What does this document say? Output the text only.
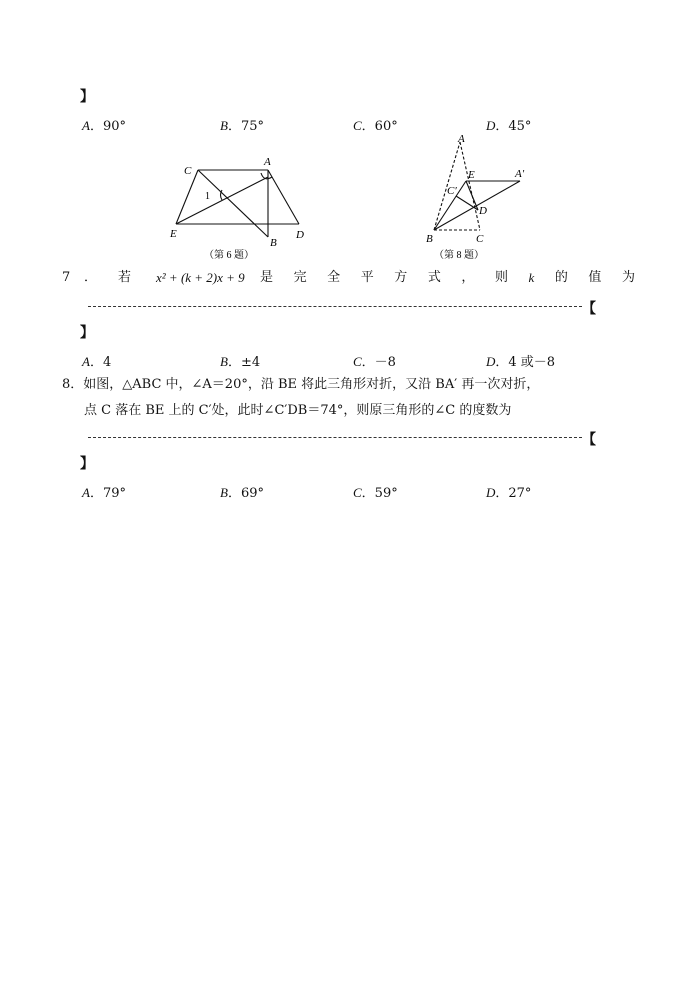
】
A．90°	B．75°	C．60°	D．45°
C
A
1
E
B
D
（第 6 题）
A
E	A′
C′
D
B	C
（第 8 题）
7 ． 若 x² + (k + 2)x + 9 是 完 全 平 方 式 ， 则 k 的 值 为
【
】
A．4	B．±4	C．－8	D．4 或－8
8．如图，△ABC 中，∠A＝20°，沿 BE 将此三角形对折，又沿 BA′ 再一次对折，
点 C 落在 BE 上的 C′处，此时∠C′DB＝74°，则原三角形的∠C 的度数为
【
】
A．79°	B．69°	C．59°	D．27°
